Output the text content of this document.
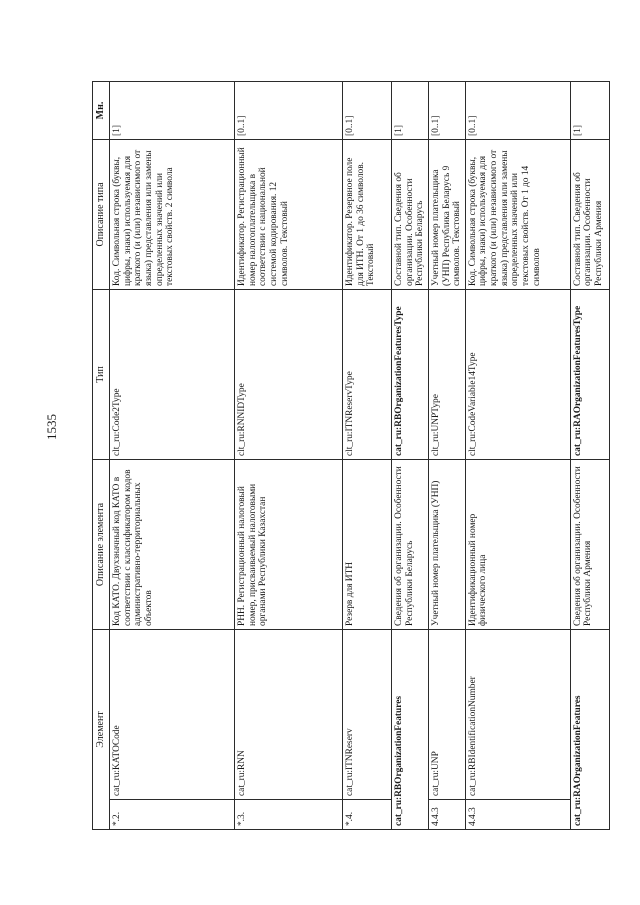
1535
Элемент		Описание элемента	Тип	Описание типа	Мн.
*.2.	cat_ru:KATOCode	Код КАТО. Двухзначный код КАТО в соответствии с классификатором кодов административно-территориальных объектов	clt_ru:Code2Type	Код. Символьная строка (буквы, цифры, знаки) используемая для краткого (и (или) независимого от языка) представления или замены определенных значений или текстовых свойств. 2 символа	[1]
*.3.	cat_ru:RNN	РНН. Регистрационный налоговый номер, присваиваемый налоговыми органами Республики Казахстан	clt_ru:RNNIDType	Идентификатор. Регистрационный номер налогоплательщика в соответствии с национальной системой кодирования. 12 символов. Текстовый	[0..1]
*.4.	cat_ru:ITNReserv	Резерв для ИТН	clt_ru:ITNReservType	Идентификатор. Резервное поле для ИТН. От 1 до 36 символов. Текстовый	[0..1]
cat_ru:RBOrganizationFeatures		Сведения об организации. Особенности Республики Беларусь	cat_ru:RBOrganizationFeaturesType	Составной тип. Сведения об организации. Особенности Республики Беларусь	[1]
4.4.3	cat_ru:UNP	Учетный номер плательщика (УНП)	clt_ru:UNPType	Учетный номер плательщика (УНП) Республика Беларусь 9 символов. Текстовый	[0..1]
4.4.3	cat_ru:RBIdentificationNumber	Идентификационный номер физического лица	clt_ru:CodeVariable14Type	Код. Символьная строка (буквы, цифры, знаки) используемая для краткого (и (или) независимого от языка) представления или замены определенных значений или текстовых свойств. От 1 до 14 символов	[0..1]
cat_ru:RAOrganizationFeatures		Сведения об организации. Особенности Республики Армения	cat_ru:RAOrganizationFeaturesType	Составной тип. Сведения об организации. Особенности Республики Армения	[1]
